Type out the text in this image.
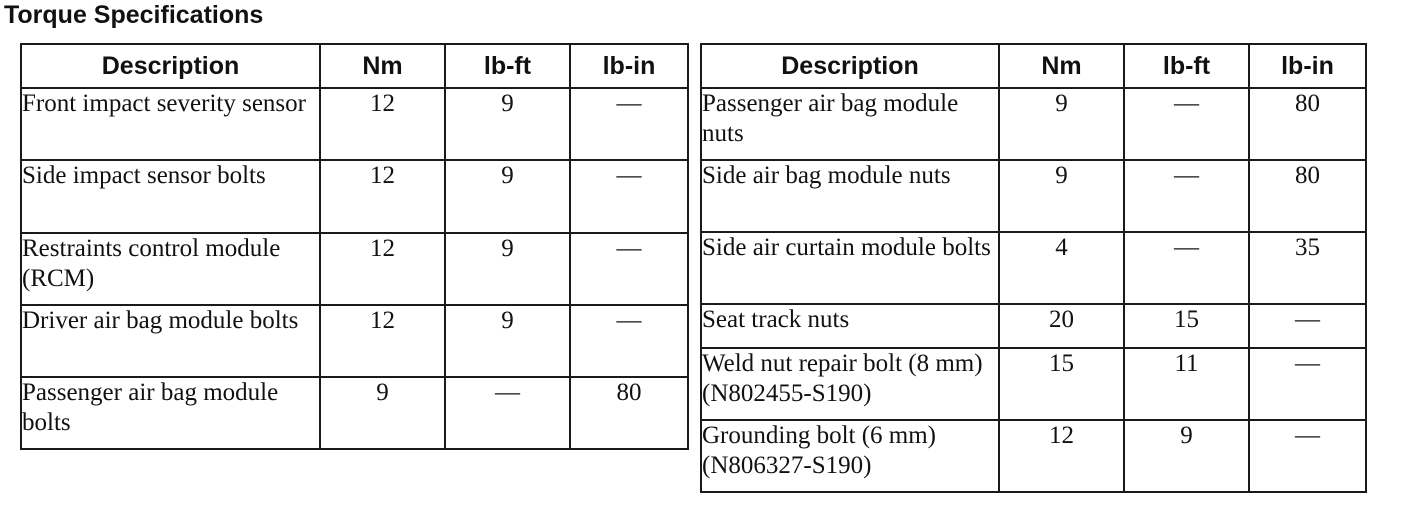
Torque Specifications
Description	Nm	lb-ft	lb-in
Front impact severity sensor	12	9	—
Side impact sensor bolts	12	9	—
Restraints control module (RCM)	12	9	—
Driver air bag module bolts	12	9	—
Passenger air bag module bolts	9	—	80
Description	Nm	lb-ft	lb-in
Passenger air bag module nuts	9	—	80
Side air bag module nuts	9	—	80
Side air curtain module bolts	4	—	35
Seat track nuts	20	15	—
Weld nut repair bolt (8 mm) (N802455-S190)	15	11	—
Grounding bolt (6 mm) (N806327-S190)	12	9	—
